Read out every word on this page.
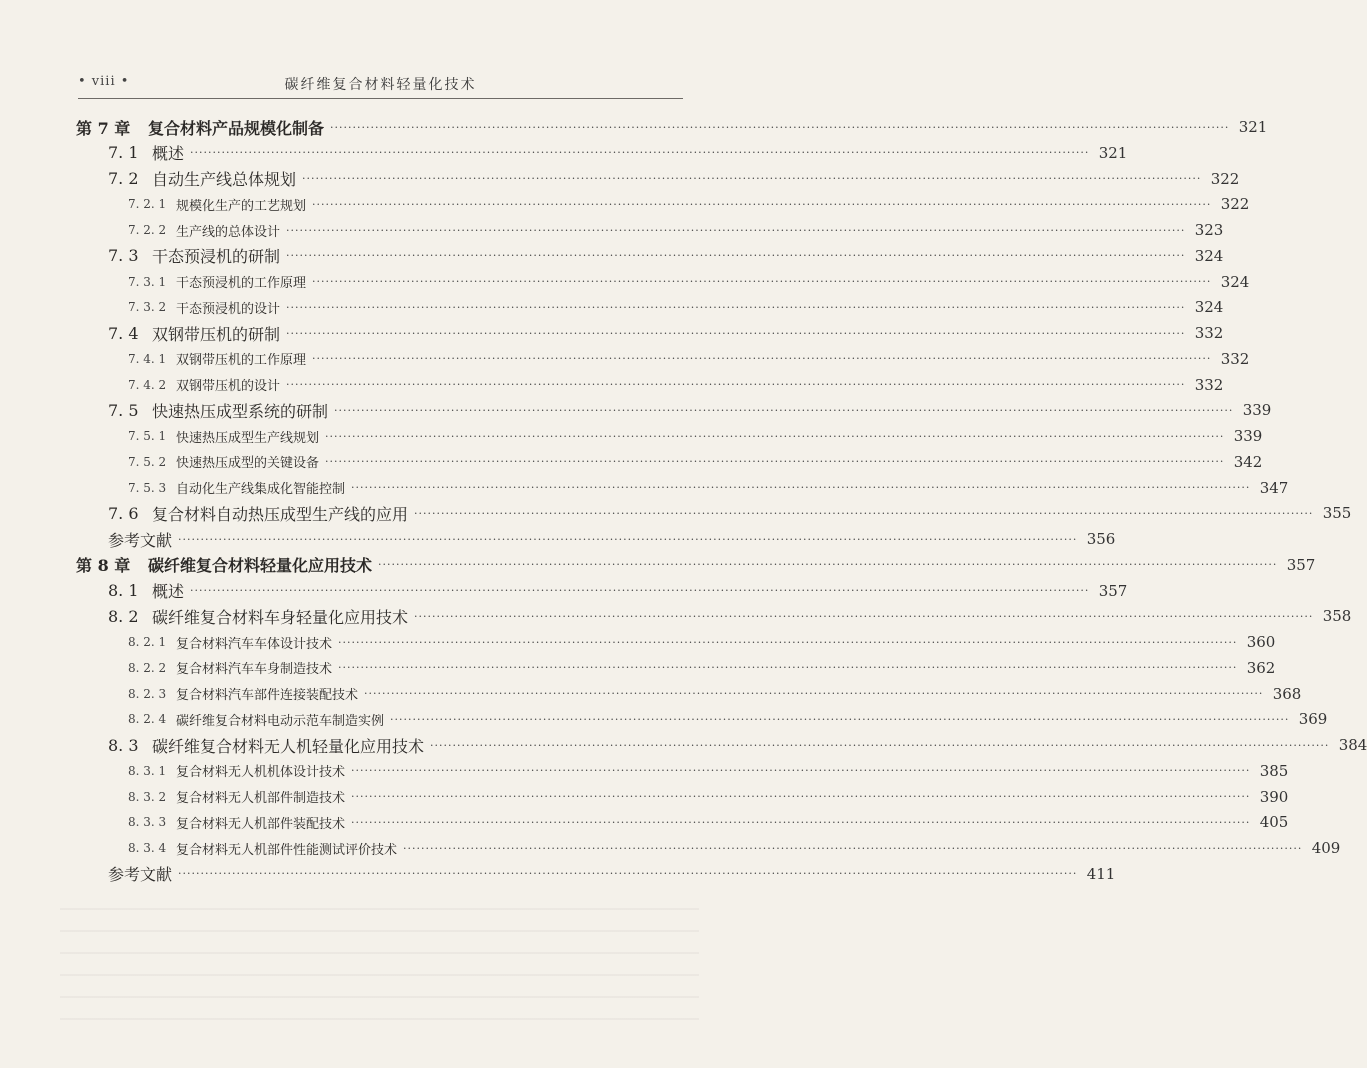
• viii •	碳纤维复合材料轻量化技术
第 7 章	复合材料产品规模化制备 ········································································································································································································ 321
7. 1 概述 ········································································································································································································ 321
7. 2 自动生产线总体规划 ········································································································································································································ 322
7. 2. 1 规模化生产的工艺规划 ········································································································································································································ 322
7. 2. 2 生产线的总体设计 ········································································································································································································ 323
7. 3 干态预浸机的研制 ········································································································································································································ 324
7. 3. 1 干态预浸机的工作原理 ········································································································································································································ 324
7. 3. 2 干态预浸机的设计 ········································································································································································································ 324
7. 4 双钢带压机的研制 ········································································································································································································ 332
7. 4. 1 双钢带压机的工作原理 ········································································································································································································ 332
7. 4. 2 双钢带压机的设计 ········································································································································································································ 332
7. 5 快速热压成型系统的研制 ········································································································································································································ 339
7. 5. 1 快速热压成型生产线规划 ········································································································································································································ 339
7. 5. 2 快速热压成型的关键设备 ········································································································································································································ 342
7. 5. 3 自动化生产线集成化智能控制 ········································································································································································································ 347
7. 6 复合材料自动热压成型生产线的应用 ········································································································································································································ 355
参考文献 ········································································································································································································ 356
第 8 章	碳纤维复合材料轻量化应用技术 ········································································································································································································ 357
8. 1 概述 ········································································································································································································ 357
8. 2 碳纤维复合材料车身轻量化应用技术 ········································································································································································································ 358
8. 2. 1 复合材料汽车车体设计技术 ········································································································································································································ 360
8. 2. 2 复合材料汽车车身制造技术 ········································································································································································································ 362
8. 2. 3 复合材料汽车部件连接装配技术 ········································································································································································································ 368
8. 2. 4 碳纤维复合材料电动示范车制造实例 ········································································································································································································ 369
8. 3 碳纤维复合材料无人机轻量化应用技术 ········································································································································································································ 384
8. 3. 1 复合材料无人机机体设计技术 ········································································································································································································ 385
8. 3. 2 复合材料无人机部件制造技术 ········································································································································································································ 390
8. 3. 3 复合材料无人机部件装配技术 ········································································································································································································ 405
8. 3. 4 复合材料无人机部件性能测试评价技术 ········································································································································································································ 409
参考文献 ········································································································································································································ 411
